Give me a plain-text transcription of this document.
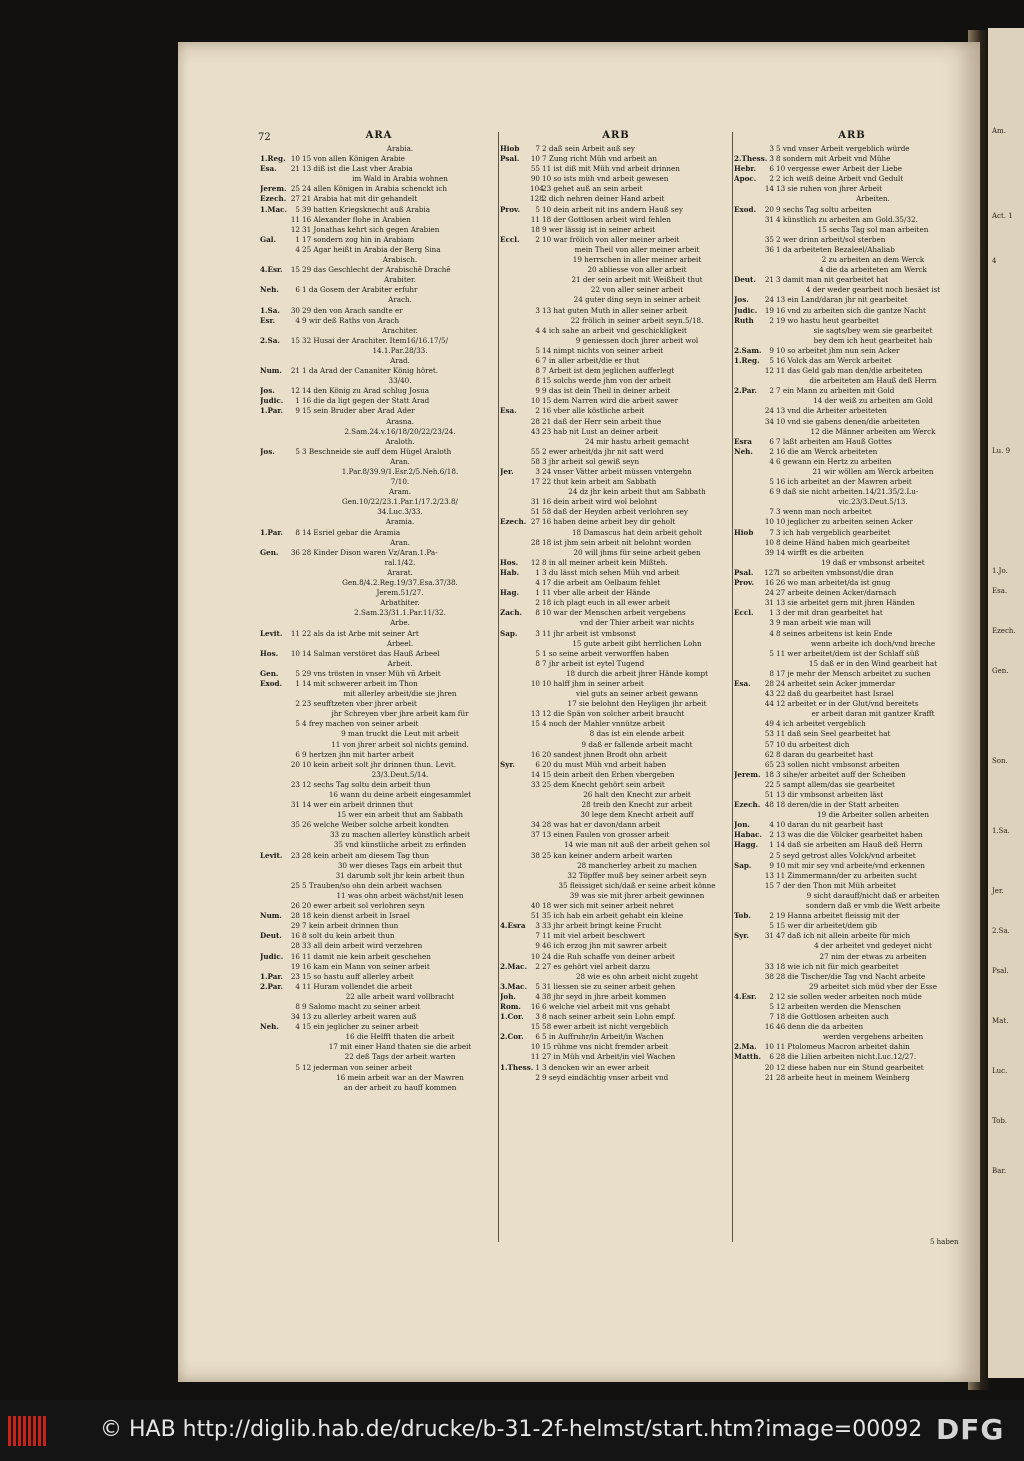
Am.
Act. 1
4
Lu. 9
1.Jo.
Esa.
Ezech.
Gen.
Son.
1.Sa.
Jer.
2.Sa.
Psal.
Mat.
Luc.
Tob.
Bar.
72	ARA
Arabia.
1.Reg. 10 15 von allen Königen Arabie
Esa.	21 13 diß ist die Last vber Arabia
im Wald in Arabia wohnen
Jerem. 25 24 allen Königen in Arabia schenckt ich
Ezech. 27 21 Arabia hat mit dir gehandelt
1.Mac.	5 39 hatten Kriegsknecht auß Arabia
11 16 Alexander flohe in Arabien
12 31 Jonathas kehrt sich gegen Arabien
Gal.	1 17 sondern zog hin in Arabiam
4 25 Agar heißt in Arabia der Berg Sina
Arabisch.
4.Esr.	15 29 das Geschlecht der Arabischē Drachē
Arabiter.
Neh.	6 1 da Gosem der Arabiter erfuhr
Arach.
1.Sa.	30 29 den von Arach sandte er
Esr.	4 9 wir deß Raths von Arach
Arachiter.
2.Sa.	15 32 Husai der Arachiter. Item16/16.17/5/
14.1.Par.28/33.
Arad.
Num.	21 1 da Arad der Cananiter König höret.
33/40.
Jos.	12 14 den König zu Arad schlug Josua
Judic.	1 16 die da ligt gegen der Statt Arad
1.Par.	9 15 sein Bruder aber Arad Ader
Arasna.
2.Sam.24.v.16/18/20/22/23/24.
Araloth.
Jos.	5 3 Beschneide sie auff dem Hügel Araloth
Aran.
1.Par.8/39.9/1.Esr.2/5.Neh.6/18.
7/10.
Aram.
Gen.10/22/23.1.Par.1/17.2/23.8/
34.Luc.3/33.
Aramia.
1.Par.	8 14 Esriel gebar die Aramia
Aran.
Gen.	36 28 Kinder Dison waren Vz/Aran.1.Pa-
ral.1/42.
Ararat.
Gen.8/4.2.Reg.19/37.Esa.37/38.
Jerem.51/27.
Arbathiter.
2.Sam.23/31.1.Par.11/32.
Arbe.
Levit.	11 22 als da ist Arbe mit seiner Art
Arbeel.
Hos.	10 14 Salman verstöret das Hauß Arbeel
Arbeit.
Gen.	5 29 vns trösten in vnser Müh vñ Arbeit
Exod.	1 14 mit schwerer arbeit im Thon
mit allerley arbeit/die sie jhren
2 23 seufftzeten vber jhrer arbeit
jhr Schreyen vber jhre arbeit kam für
5 4 frey machen von seiner arbeit
9 man truckt die Leut mit arbeit
11 von jhrer arbeit sol nichts gemind.
6 9 hertzen jhn mit harter arbeit
20 10 kein arbeit solt jhr drinnen thun. Levit.
23/3.Deut.5/14.
23 12 sechs Tag soltu dein arbeit thun
16 wann du deine arbeit eingesammlet
31 14 wer ein arbeit drinnen thut
15 wer ein arbeit thut am Sabbath
35 26 welche Weiber solche arbeit kondten
33 zu machen allerley künstlich arbeit
35 vnd künstliche arbeit zu erfinden
Levit.	23 28 kein arbeit am diesem Tag thun
30 wer dieses Tags ein arbeit thut
31 darumb solt jhr kein arbeit thun
25 5 Trauben/so ohn dein arbeit wachsen
11 was ohn arbeit wächst/nit lesen
26 20 ewer arbeit sol verlohren seyn
Num.	28 18 kein dienst arbeit in Israel
29 7 kein arbeit drinnen thun
Deut.	16 8 solt du kein arbeit thun
28 33 all dein arbeit wird verzehren
Judic.	16 11 damit nie kein arbeit geschehen
19 16 kam ein Mann von seiner arbeit
1.Par.	23 15 so hastu auff allerley arbeit
2.Par.	4 11 Huram vollendet die arbeit
22 alle arbeit ward vollbracht
8 9 Salomo macht zu seiner arbeit
34 13 zu allerley arbeit waren auß
Neh.	4 15 ein jeglicher zu seiner arbeit
16 die Helfft thaten die arbeit
17 mit einer Hand thaten sie die arbeit
22 deß Tags der arbeit warten
5 12 jederman von seiner arbeit
16 mein arbeit war an der Mawren
an der arbeit zu hauff kommen
ARB
Hiob	7 2 daß sein Arbeit auß sey
Psal.	10 7 Zung richt Müh vnd arbeit an
55 11 ist diß mit Müh vnd arbeit drinnen
90 10 so ists müh vnd arbeit gewesen
104
23 gehet auß an sein arbeit
128
2 dich nehren deiner Hand arbeit
Prov.	5 10 dein arbeit nit ins andern Hauß sey
11 18 der Gottlosen arbeit wird fehlen
18 9 wer lässig ist in seiner arbeit
Eccl.	2 10 war frölich von aller meiner arbeit
mein Theil von aller meiner arbeit
19 herrschen in aller meiner arbeit
20 abliesse von aller arbeit
21 der sein arbeit mit Weißheit thut
22 von aller seiner arbeit
24 guter ding seyn in seiner arbeit
3 13 hat guten Muth in aller seiner arbeit
22 frölich in seiner arbeit seyn.5/18.
4 4 ich sahe an arbeit vnd geschickligkeit
9 geniessen doch jhrer arbeit wol
5 14 nimpt nichts von seiner arbeit
6 7 in aller arbeit/die er thut
8 7 Arbeit ist dem jeglichen aufferlegt
8 15 solchs werde jhm von der arbeit
9 9 das ist dein Theil in deiner arbeit
10 15 dem Narren wird die arbeit sawer
Esa.	2 16 vber alle köstliche arbeit
28 21 daß der Herr sein arbeit thue
43 23 hab nit Lust an deiner arbeit
24 mir hastu arbeit gemacht
55 2 ewer arbeit/da jhr nit satt werd
58 3 jhr arbeit sol gewiß seyn
Jer.	3 24 vnser Vätter arbeit müssen vntergehn
17 22 thut kein arbeit am Sabbath
24 dz jhr kein arbeit thut am Sabbath
31 16 dein arbeit wird wol belohnt
51 58 daß der Heyden arbeit verlohren sey
Ezech. 27 16 haben deine arbeit bey dir geholt
18 Damascus hat dein arbeit geholt
28 18 ist jhm sein arbeit nit belohnt worden
20 will jhms für seine arbeit geben
Hos.	12 8 in all meiner arbeit kein Mißteh.
Hab.	1 3 du lässt mich sehen Müh vnd arbeit
4 17 die arbeit am Oelbaum fehlet
Hag.	1 11 vber alle arbeit der Hände
2 18 ich plagt euch in all ewer arbeit
Zach.	8 10 war der Menschen arbeit vergebens
vnd der Thier arbeit war nichts
Sap.	3 11 jhr arbeit ist vmbsonst
15 gute arbeit gibt herrlichen Lohn
5 1 so seine arbeit verworffen haben
8 7 jhr arbeit ist eytel Tugend
18 durch die arbeit jhrer Hände kompt
10 10 halff jhm in seiner arbeit
viel guts an seiner arbeit gewann
17 sie belohnt den Heyligen jhr arbeit
13 12 die Spän von solcher arbeit braucht
15 4 noch der Mahler vnnütze arbeit
8 das ist ein elende arbeit
9 daß er fallende arbeit macht
16 20 sandest jhnen Brodt ohn arbeit
Syr.	6 20 du must Müh vnd arbeit haben
14 15 dein arbeit den Erben vbergeben
33 25 dem Knecht gehört sein arbeit
26 halt den Knecht zur arbeit
28 treib den Knecht zur arbeit
30 lege dem Knecht arbeit auff
34 28 was hat er davon/dann arbeit
37 13 einen Faulen von grosser arbeit
14 wie man nit auß der arbeit gehen sol
38 25 kan keiner andern arbeit warten
28 mancherley arbeit zu machen
32 Töpffer muß bey seiner arbeit seyn
35 fleissiget sich/daß er seine arbeit könne
39 was sie mit jhrer arbeit gewinnen
40 18 wer sich mit seiner arbeit nehret
51 35 ich hab ein arbeit gehabt ein kleine
4.Esra	3 33 jhr arbeit bringt keine Frucht
7 11 mit viel arbeit beschwert
9 46 ich erzog jhn mit sawrer arbeit
10 24 die Ruh schaffe von deiner arbeit
2.Mac.	2 27 es gehört viel arbeit darzu
28 wie es ohn arbeit nicht zugeht
3.Mac.	5 31 liessen sie zu seiner arbeit gehen
Joh.	4 38 jhr seyd in jhre arbeit kommen
Rom.	16 6 welche viel arbeit mit vns gehabt
1.Cor.	3 8 nach seiner arbeit sein Lohn empf.
15 58 ewer arbeit ist nicht vergeblich
2.Cor.	6 5 in Auffruhr/in Arbeit/in Wachen
10 15 rühme vns nicht fremder arbeit
11 27 in Müh vnd Arbeit/in viel Wachen
1.Thess. 1 3 dencken wir an ewer arbeit
2 9 seyd eindächtig vnser arbeit vnd
ARB
3 5 vnd vnser Arbeit vergeblich würde
2.Thess. 3 8 sondern mit Arbeit vnd Mühe
Hebr.	6 10 vergesse ewer Arbeit der Liebe
Apoc.	2 2 ich weiß deine Arbeit vnd Gedult
14 13 sie ruhen von jhrer Arbeit
Arbeiten.
Exod.	20 9 sechs Tag soltu arbeiten
31 4 künstlich zu arbeiten am Gold.35/32.
15 sechs Tag sol man arbeiten
35 2 wer drinn arbeit/sol sterben
36 1 da arbeiteten Bezaleel/Ahaliab
2 zu arbeiten an dem Werck
4 die da arbeiteten am Werck
Deut.	21 3 damit man nit gearbeitet hat
4 der weder gearbeit noch besäet ist
Jos.	24 13 ein Land/daran jhr nit gearbeitet
Judic.	19 16 vnd zu arbeiten sich die gantze Nacht
Ruth	2 19 wo hastu heut gearbeitet
sie sagts/bey wem sie gearbeitet
bey dem ich heut gearbeitet hab
2.Sam.	9 10 so arbeitet jhm nun sein Acker
1.Reg.	5 16 Volck das am Werck arbeitet
12 11 das Geld gab man den/die arbeiteten
die arbeiteten am Hauß deß Herrn
2.Par.	2 7 ein Mann zu arbeiten mit Gold
14 der weiß zu arbeiten am Gold
24 13 vnd die Arbeiter arbeiteten
34 10 vnd sie gabens denen/die arbeiteten
12 die Männer arbeiten am Werck
Esra	6 7 laßt arbeiten am Hauß Gottes
Neh.	2 16 die am Werck arbeiteten
4 6 gewann ein Hertz zu arbeiten
21 wir wöllen am Werck arbeiten
5 16 ich arbeitet an der Mawren arbeit
6 9 daß sie nicht arbeiten.14/21.35/2.Lu-
vic.23/3.Deut.5/13.
7 3 wenn man noch arbeitet
10 10 jeglicher zu arbeiten seinen Acker
Hiob	7 3 ich hab vergeblich gearbeitet
10 8 deine Händ haben mich gearbeitet
39 14 wirfft es die arbeiten
19 daß er vmbsonst arbeitet
Psal.	127
1 so arbeiten vmbsonst/die dran
Prov.	16 26 wo man arbeitet/da ist gnug
24 27 arbeite deinen Acker/darnach
31 13 sie arbeitet gern mit jhren Händen
Eccl.	1 3 der mit dran gearbeitet hat
3 9 man arbeit wie man will
4 8 seines arbeitens ist kein Ende
wenn arbeite ich doch/vnd breche
5 11 wer arbeitet/dem ist der Schlaff süß
15 daß er in den Wind gearbeit hat
8 17 je mehr der Mensch arbeitet zu suchen
Esa.	28 24 arbeitet sein Acker jmmerdar
43 22 daß du gearbeitet hast Israel
44 12 arbeitet er in der Glut/vnd bereitets
er arbeit daran mit gantzer Krafft
49 4 ich arbeitet vergeblich
53 11 daß sein Seel gearbeitet hat
57 10 du arbeitest dich
62 8 daran du gearbeitet hast
65 23 sollen nicht vmbsonst arbeiten
Jerem. 18 3 sihe/er arbeitet auff der Scheiben
22 5 sampt allem/das sie gearbeitet
51 13 dir vmbsonst arbeiten läst
Ezech. 48 18 deren/die in der Statt arbeiten
19 die Arbeiter sollen arbeiten
Jon.	4 10 daran du nit gearbeit hast
Habac.	2 13 was die die Völcker gearbeitet haben
Hagg.	1 14 daß sie arbeiten am Hauß deß Herrn
2 5 seyd getrost alles Volck/vnd arbeitet
Sap.	9 10 mit mir sey vnd arbeite/vnd erkennen
13 11 Zimmermann/der zu arbeiten sucht
15 7 der den Thon mit Müh arbeitet
9 sicht darauff/nicht daß er arbeiten
sondern daß er vmb die Wett arbeite
Tob.	2 19 Hanna arbeitet fleissig mit der
5 15 wer dir arbeitet/dem gib
Syr.	31 47 daß ich nit allein arbeite für mich
4 der arbeitet vnd gedeyet nicht
27 nim der etwas zu arbeiten
33 18 wie ich nit für mich gearbeitet
38 28 die Tischer/die Tag vnd Nacht arbeite
29 arbeitet sich müd vber der Esse
4.Esr.	2 12 sie sollen weder arbeiten noch müde
5 12 arbeiten werden die Menschen
7 18 die Gottlosen arbeiten auch
16 46 denn die da arbeiten
werden vergebens arbeiten
2.Ma.	10 11 Ptolomeus Macron arbeitet dahin
Matth.	6 28 die Lilien arbeiten nicht.Luc.12/27.
20 12 diese haben nur ein Stund gearbeitet
21 28 arbeite heut in meinem Weinberg
5 haben
© HAB http://diglib.hab.de/drucke/b-31-2f-helmst/start.htm?image=00092 DFG
